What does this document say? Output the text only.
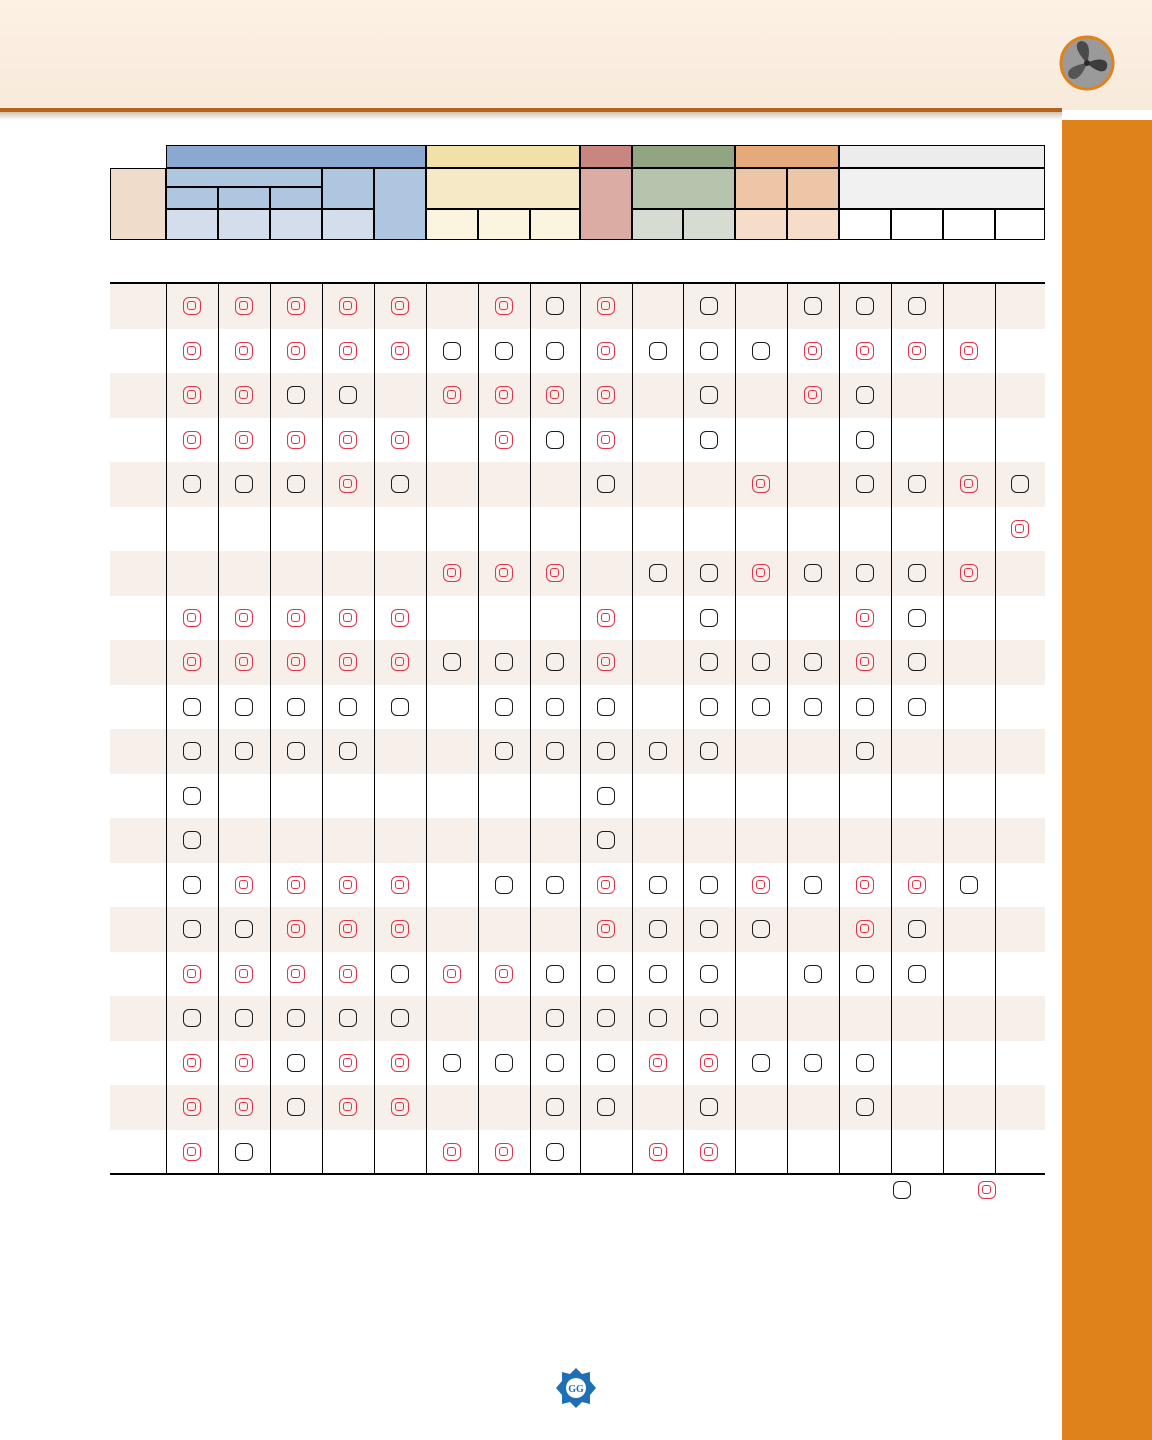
GG
